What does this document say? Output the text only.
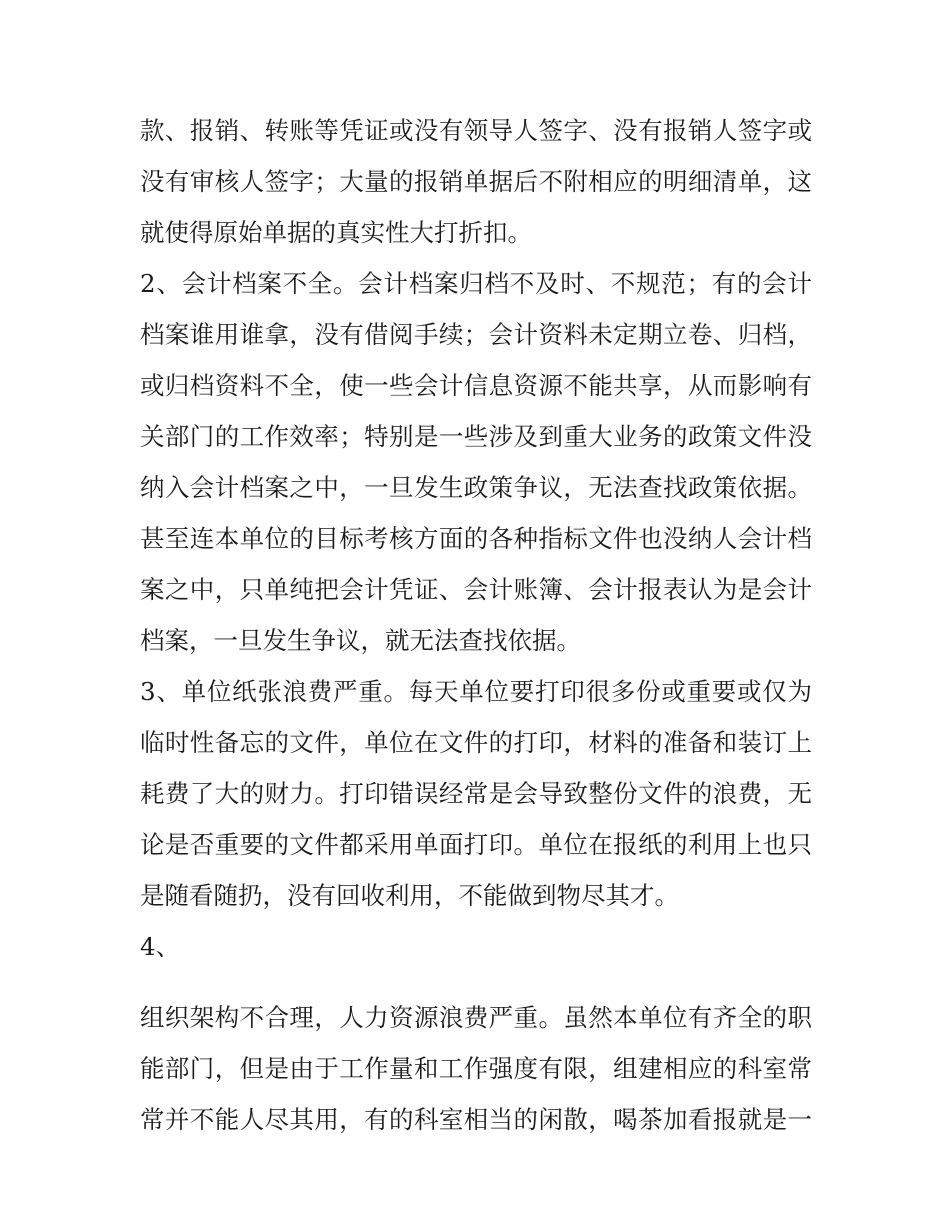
款、报销、转账等凭证或没有领导人签字、没有报销人签字或
没有审核人签字；大量的报销单据后不附相应的明细清单，这
就使得原始单据的真实性大打折扣。
2、会计档案不全。会计档案归档不及时、不规范；有的会计
档案谁用谁拿，没有借阅手续；会计资料未定期立卷、归档，
或归档资料不全，使一些会计信息资源不能共享，从而影响有
关部门的工作效率；特别是一些涉及到重大业务的政策文件没
纳入会计档案之中，一旦发生政策争议，无法查找政策依据。
甚至连本单位的目标考核方面的各种指标文件也没纳人会计档
案之中，只单纯把会计凭证、会计账簿、会计报表认为是会计
档案，一旦发生争议，就无法查找依据。
3、单位纸张浪费严重。每天单位要打印很多份或重要或仅为
临时性备忘的文件，单位在文件的打印，材料的准备和装订上
耗费了大的财力。打印错误经常是会导致整份文件的浪费，无
论是否重要的文件都采用单面打印。单位在报纸的利用上也只
是随看随扔，没有回收利用，不能做到物尽其才。
4、
组织架构不合理，人力资源浪费严重。虽然本单位有齐全的职
能部门，但是由于工作量和工作强度有限，组建相应的科室常
常并不能人尽其用，有的科室相当的闲散，喝茶加看报就是一
